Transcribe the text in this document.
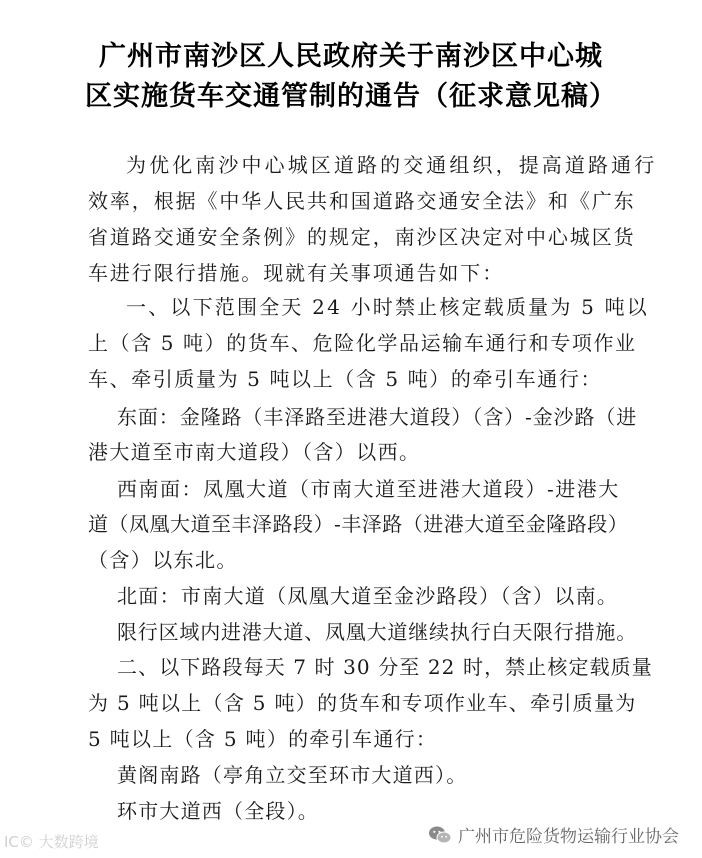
广州市南沙区人民政府关于南沙区中心城
区实施货车交通管制的通告（征求意见稿）
为优化南沙中心城区道路的交通组织，提高道路通行
效率，根据《中华人民共和国道路交通安全法》和《广东
省道路交通安全条例》的规定，南沙区决定对中心城区货
车进行限行措施。现就有关事项通告如下：
一、以下范围全天 24 小时禁止核定载质量为 5 吨以
上（含 5 吨）的货车、危险化学品运输车通行和专项作业
车、牵引质量为 5 吨以上（含 5 吨）的牵引车通行：
东面：金隆路（丰泽路至进港大道段）（含）-金沙路（进
港大道至市南大道段）（含）以西。
西南面：凤凰大道（市南大道至进港大道段）-进港大
道（凤凰大道至丰泽路段）-丰泽路（进港大道至金隆路段）
（含）以东北。
北面：市南大道（凤凰大道至金沙路段）（含）以南。
限行区域内进港大道、凤凰大道继续执行白天限行措施。
二、以下路段每天 7 时 30 分至 22 时，禁止核定载质量
为 5 吨以上（含 5 吨）的货车和专项作业车、牵引质量为
5 吨以上（含 5 吨）的牵引车通行：
黄阁南路（亭角立交至环市大道西）。
环市大道西（全段）。
IC© 大数跨境	广州市危险货物运输行业协会
